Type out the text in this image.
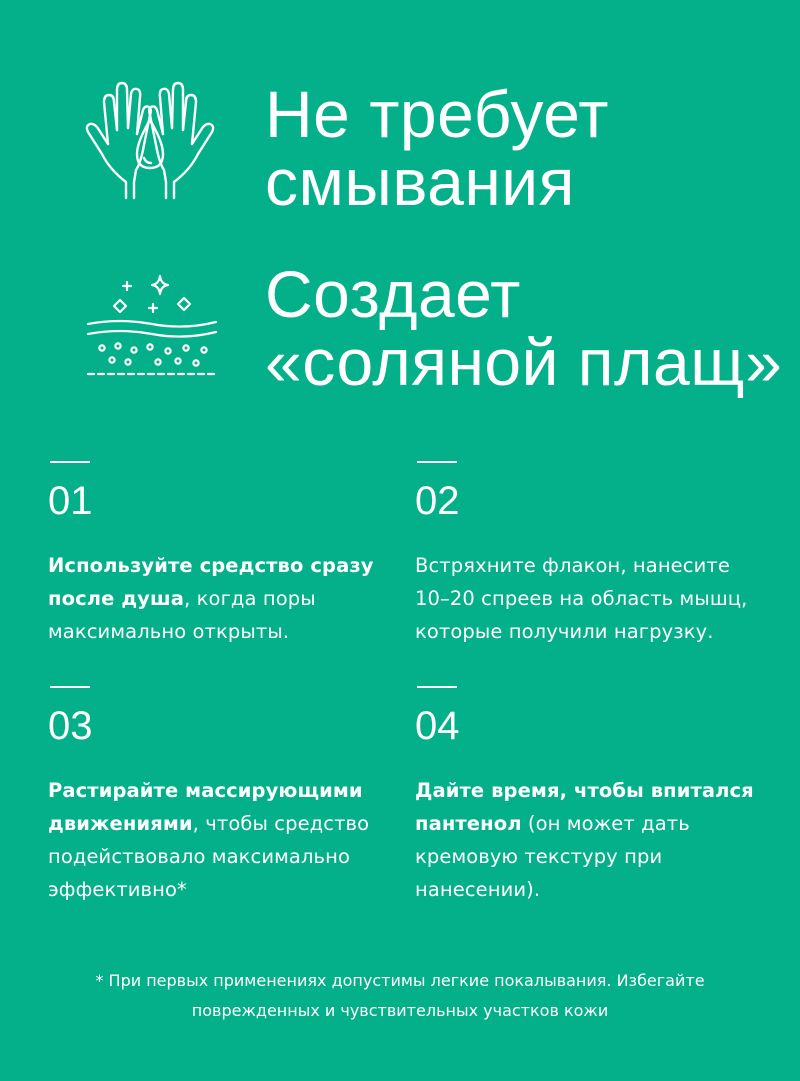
Не требует
смывания
Создает
«соляной плащ»
01
Используйте средство сразу после душа, когда поры максимально открыты.
02
Встряхните флакон, нанесите 10–20 спреев на область мышц, которые получили нагрузку.
03
Растирайте массирующими движениями, чтобы средство подействовало максимально эффективно*
04
Дайте время, чтобы впитался пантенол (он может дать кремовую текстуру при нанесении).
* При первых применениях допустимы легкие покалывания. Избегайте
поврежденных и чувствительных участков кожи
